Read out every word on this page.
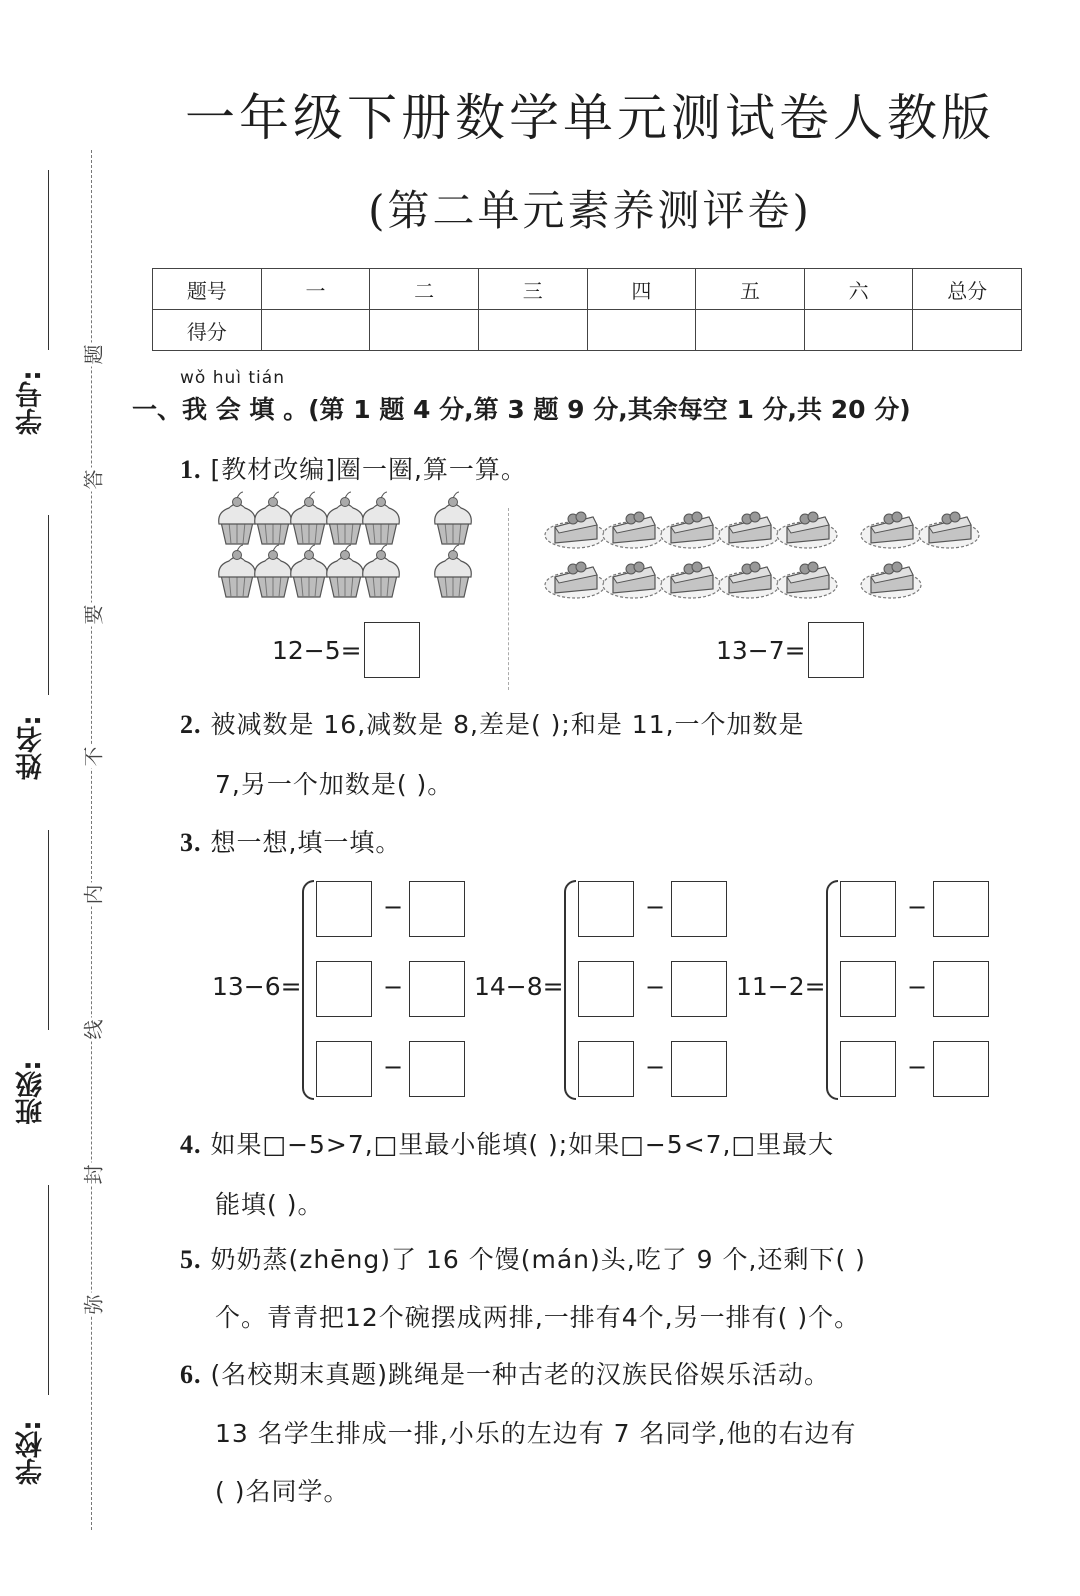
学号:
姓名:
班级:
学校:
题
答
要
不
内
线
封
弥
一年级下册数学单元测试卷人教版
(第二单元素养测评卷)
题号	一	二	三	四	五	六	总分
得分							
wǒ huì tián
一、我 会 填 。(第 1 题 4 分,第 3 题 9 分,其余每空 1 分,共 20 分)
1. [教材改编]圈一圈,算一算。
12−5=	13−7=
2. 被减数是 16,减数是 8,差是( );和是 11,一个加数是
7,另一个加数是( )。
3. 想一想,填一填。
13−6=
−
−
−
14−8=
−
−
−
11−2=
−
−
−
4. 如果□−5>7,□里最小能填( );如果□−5<7,□里最大
能填( )。
5. 奶奶蒸(zhēng)了 16 个馒(mán)头,吃了 9 个,还剩下( )
个。青青把12个碗摆成两排,一排有4个,另一排有( )个。
6. (名校期末真题)跳绳是一种古老的汉族民俗娱乐活动。
13 名学生排成一排,小乐的左边有 7 名同学,他的右边有
( )名同学。
